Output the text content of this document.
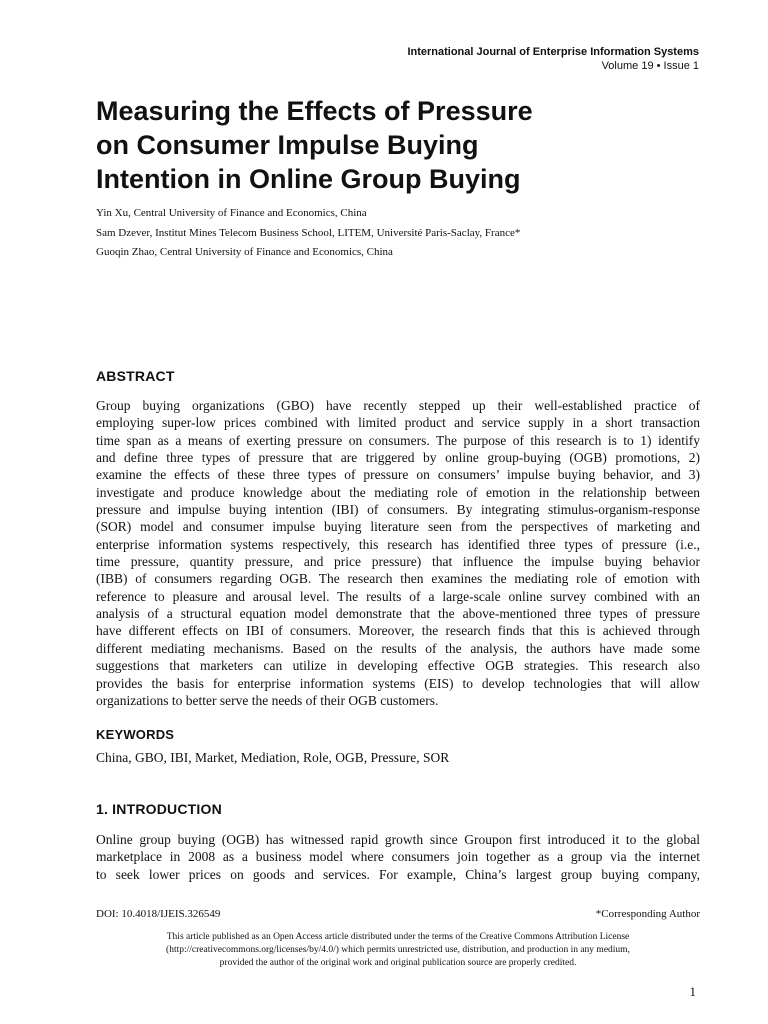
International Journal of Enterprise Information Systems
Volume 19 • Issue 1
Measuring the Effects of Pressure
on Consumer Impulse Buying
Intention in Online Group Buying
Yin Xu, Central University of Finance and Economics, China
Sam Dzever, Institut Mines Telecom Business School, LITEM, Université Paris-Saclay, France*
Guoqin Zhao, Central University of Finance and Economics, China
ABSTRACT
Group buying organizations (GBO) have recently stepped up their well-established practice of
employing super-low prices combined with limited product and service supply in a short transaction
time span as a means of exerting pressure on consumers. The purpose of this research is to 1) identify
and define three types of pressure that are triggered by online group-buying (OGB) promotions, 2)
examine the effects of these three types of pressure on consumers’ impulse buying behavior, and 3)
investigate and produce knowledge about the mediating role of emotion in the relationship between
pressure and impulse buying intention (IBI) of consumers. By integrating stimulus-organism-response
(SOR) model and consumer impulse buying literature seen from the perspectives of marketing and
enterprise information systems respectively, this research has identified three types of pressure (i.e.,
time pressure, quantity pressure, and price pressure) that influence the impulse buying behavior
(IBB) of consumers regarding OGB. The research then examines the mediating role of emotion with
reference to pleasure and arousal level. The results of a large-scale online survey combined with an
analysis of a structural equation model demonstrate that the above-mentioned three types of pressure
have different effects on IBI of consumers. Moreover, the research finds that this is achieved through
different mediating mechanisms. Based on the results of the analysis, the authors have made some
suggestions that marketers can utilize in developing effective OGB strategies. This research also
provides the basis for enterprise information systems (EIS) to develop technologies that will allow
organizations to better serve the needs of their OGB customers.
KEYWORDS
China, GBO, IBI, Market, Mediation, Role, OGB, Pressure, SOR
1. INTRODUCTION
Online group buying (OGB) has witnessed rapid growth since Groupon first introduced it to the global
marketplace in 2008 as a business model where consumers join together as a group via the internet
to seek lower prices on goods and services. For example, China’s largest group buying company,
DOI: 10.4018/IJEIS.326549	*Corresponding Author
This article published as an Open Access article distributed under the terms of the Creative Commons Attribution License
(http://creativecommons.org/licenses/by/4.0/) which permits unrestricted use, distribution, and production in any medium,
provided the author of the original work and original publication source are properly credited.
1
